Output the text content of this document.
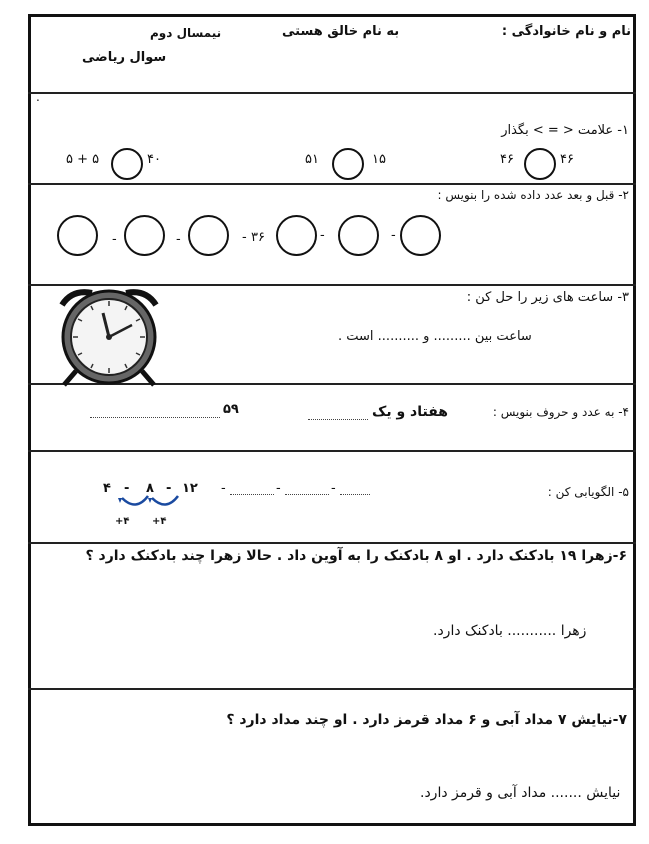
نام و نام خانوادگی :
به نام خالق هستی
نیمسال دوم
سوال ریاضی
.
۱- علامت < = > بگذار
۴۶
۴۶
۱۵
۵۱
۴۰
۵ + ۵
۲- قبل و بعد عدد داده شده را بنویس :
-
-
۳۶
-
-
-
۳- ساعت های زیر را حل کن :
ساعت بین ......... و .......... است .
۴- به عدد و حروف بنویس :
هفتاد و یک
۵۹
۵- الگویابی کن :
۱۲
-
۸
-
۴	-	-	-
+۴
+۴
۶-زهرا ۱۹ بادکنک دارد . او ۸ بادکنک را به آوین داد . حالا زهرا چند بادکنک دارد ؟
زهرا ........... بادکنک دارد.
۷-نیایش ۷ مداد آبی و ۶ مداد قرمز دارد . او چند مداد دارد ؟
نیایش ....... مداد آبی و قرمز دارد.
